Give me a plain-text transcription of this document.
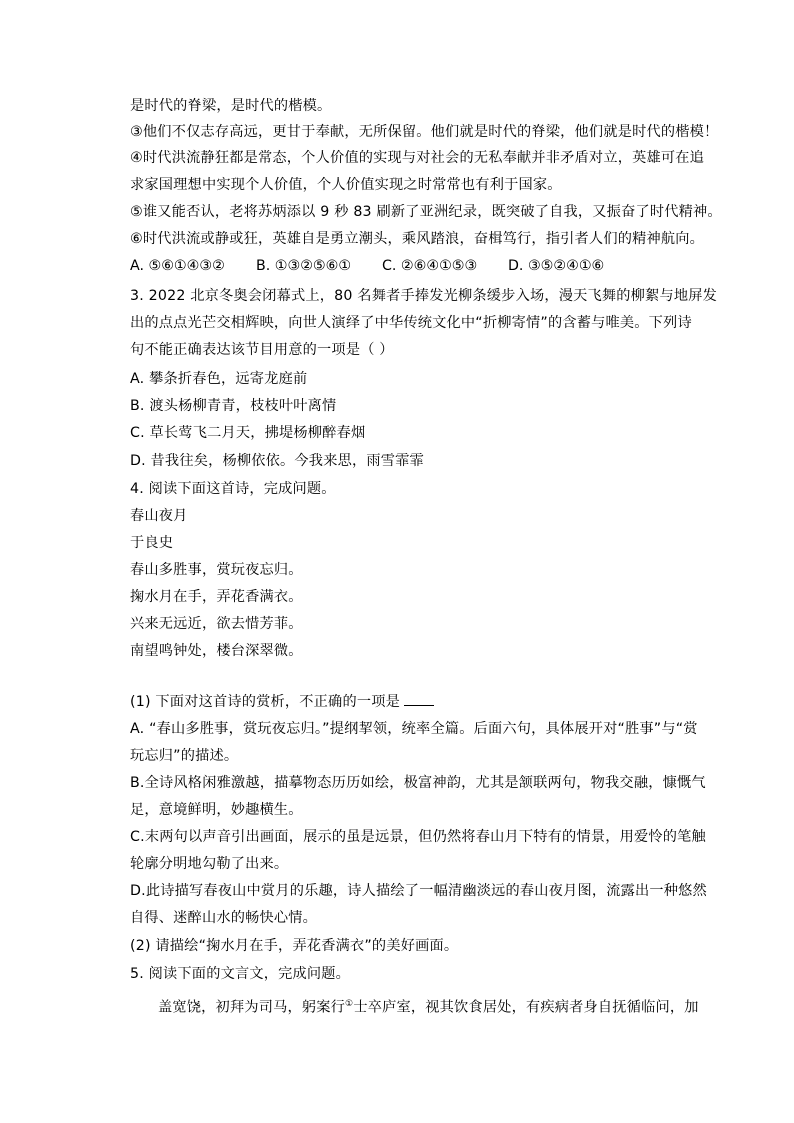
是时代的脊梁，是时代的楷模。
③他们不仅志存高远，更甘于奉献，无所保留。他们就是时代的脊梁，他们就是时代的楷模！
④时代洪流静狂都是常态，个人价值的实现与对社会的无私奉献并非矛盾对立，英雄可在追
求家国理想中实现个人价值，个人价值实现之时常常也有利于国家。
⑤谁又能否认，老将苏炳添以 9 秒 83 刷新了亚洲纪录，既突破了自我，又振奋了时代精神。
⑥时代洪流或静或狂，英雄自是勇立潮头，乘风踏浪，奋楫笃行，指引者人们的精神航向。
A. ⑤⑥①④③② B. ①③②⑤⑥① C. ②⑥④①⑤③ D. ③⑤②④①⑥
3. 2022 北京冬奥会闭幕式上，80 名舞者手捧发光柳条缓步入场，漫天飞舞的柳絮与地屏发
出的点点光芒交相辉映，向世人演绎了中华传统文化中“折柳寄情”的含蓄与唯美。下列诗
句不能正确表达该节目用意的一项是（ ）
A. 攀条折春色，远寄龙庭前
B. 渡头杨柳青青，枝枝叶叶离情
C. 草长莺飞二月天，拂堤杨柳醉春烟
D. 昔我往矣，杨柳依依。今我来思，雨雪霏霏
4. 阅读下面这首诗，完成问题。
春山夜月
于良史
春山多胜事，赏玩夜忘归。
掬水月在手，弄花香满衣。
兴来无远近，欲去惜芳菲。
南望鸣钟处，楼台深翠微。
(1) 下面对这首诗的赏析，不正确的一项是
A. “春山多胜事，赏玩夜忘归。”提纲挈领，统率全篇。后面六句，具体展开对“胜事”与“赏
玩忘归”的描述。
B.全诗风格闲雅激越，描摹物态历历如绘，极富神韵，尤其是颔联两句，物我交融，慷慨气
足，意境鲜明，妙趣横生。
C.末两句以声音引出画面，展示的虽是远景，但仍然将春山月下特有的情景，用爱怜的笔触
轮廓分明地勾勒了出来。
D.此诗描写春夜山中赏月的乐趣，诗人描绘了一幅清幽淡远的春山夜月图，流露出一种悠然
自得、迷醉山水的畅快心情。
(2) 请描绘“掬水月在手，弄花香满衣”的美好画面。
5. 阅读下面的文言文，完成问题。
盖宽饶，初拜为司马，躬案行①士卒庐室，视其饮食居处，有疾病者身自抚循临问，加
